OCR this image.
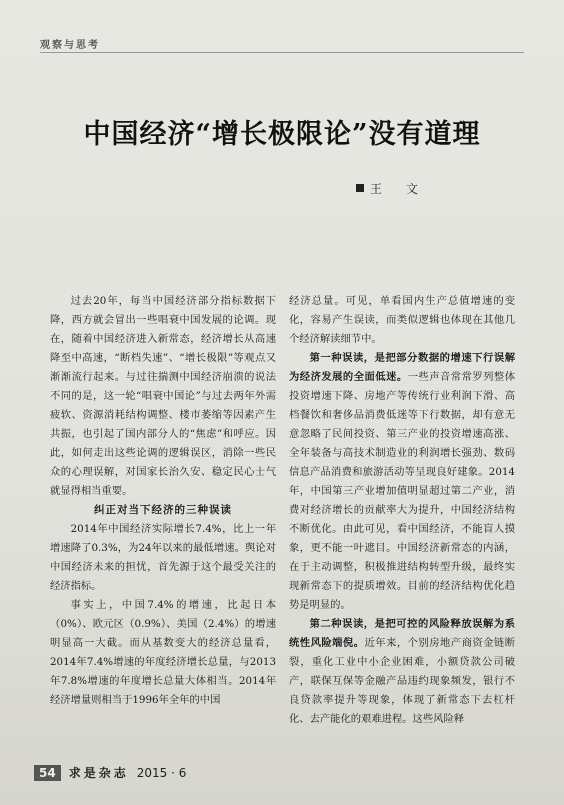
观察与思考
中国经济“增长极限论”没有道理
王 文

过去20年，每当中国经济部分指标数据下降，西方就会冒出一些唱衰中国发展的论调。现在，随着中国经济进入新常态，经济增长从高速降至中高速，“断档失速”、“增长极限”等观点又渐渐流行起来。与过往揣测中国经济崩溃的说法不同的是，这一轮“唱衰中国论”与过去两年外需疲软、资源消耗结构调整、楼市萎缩等因素产生共振，也引起了国内部分人的“焦虑”和呼应。因此，如何走出这些论调的逻辑误区，消除一些民众的心理误解，对国家长治久安、稳定民心士气就显得相当重要。

纠正对当下经济的三种误读

2014年中国经济实际增长7.4%，比上一年增速降了0.3%，为24年以来的最低增速。舆论对中国经济未来的担忧，首先源于这个最受关注的经济指标。

事实上，中国7.4%的增速，比起日本（0%）、欧元区（0.9%）、美国（2.4%）的增速明显高一大截。而从基数变大的经济总量看，2014年7.4%增速的年度经济增长总量，与2013年7.8%增速的年度增长总量大体相当。2014年经济增量则相当于1996年全年的中国

经济总量。可见，单看国内生产总值增速的变化，容易产生误读，而类似逻辑也体现在其他几个经济解读细节中。

第一种误读，是把部分数据的增速下行误解为经济发展的全面低迷。一些声音常常罗列整体投资增速下降、房地产等传统行业利润下滑、高档餐饮和奢侈品消费低迷等下行数据，却有意无意忽略了民间投资、第三产业的投资增速高涨、全年装备与高技术制造业的利润增长强劲、数码信息产品消费和旅游活动等呈现良好建象。2014年，中国第三产业增加值明显超过第二产业，消费对经济增长的贡献率大为提升，中国经济结构不断优化。由此可见，看中国经济，不能盲人摸象，更不能一叶遮目。中国经济新常态的内涵，在于主动调整，积极推进结构转型升级，最终实现新常态下的提质增效。目前的经济结构优化趋势是明显的。

第二种误读，是把可控的风险释放误解为系统性风险端倪。近年来，个别房地产商资金链断裂，重化工业中小企业困难，小额贷款公司破产，联保互保等金融产品违约现象频发，银行不良贷款率提升等现象，体现了新常态下去杠杆化、去产能化的艰难进程。这些风险释

54	求是杂志 2015 · 6
